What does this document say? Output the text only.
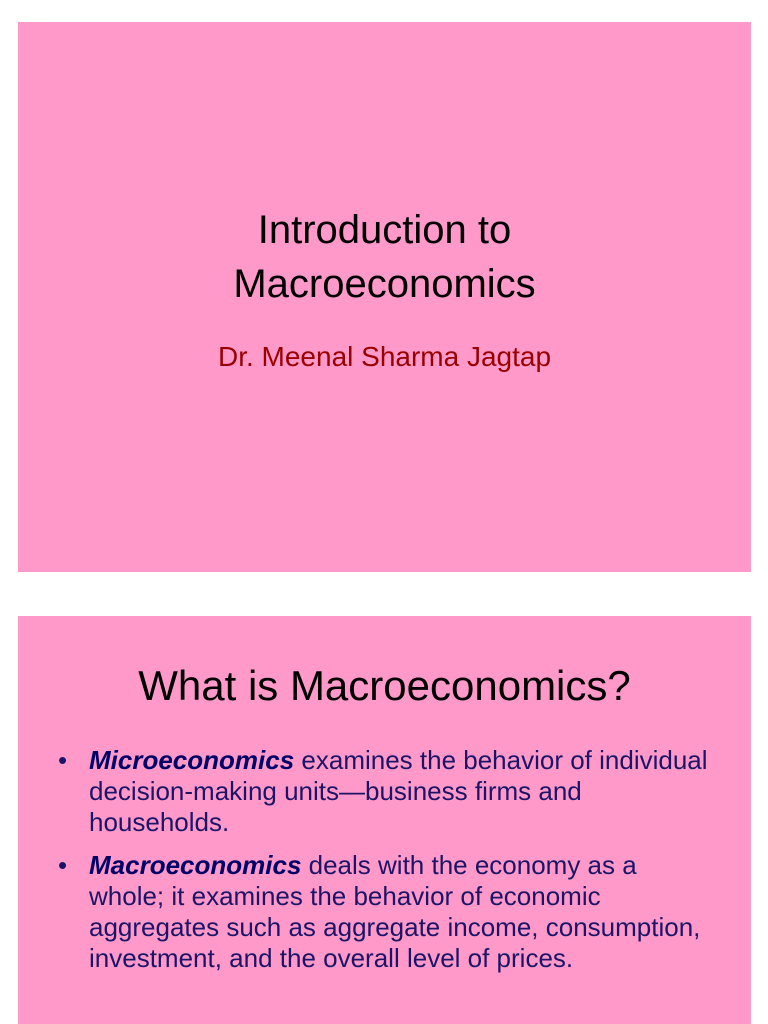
Introduction to
Macroeconomics
Dr. Meenal Sharma Jagtap
What is Macroeconomics?
• Microeconomics examines the behavior of individual decision-making units—business firms and households.
• Macroeconomics deals with the economy as a whole; it examines the behavior of economic aggregates such as aggregate income, consumption, investment, and the overall level of prices.
